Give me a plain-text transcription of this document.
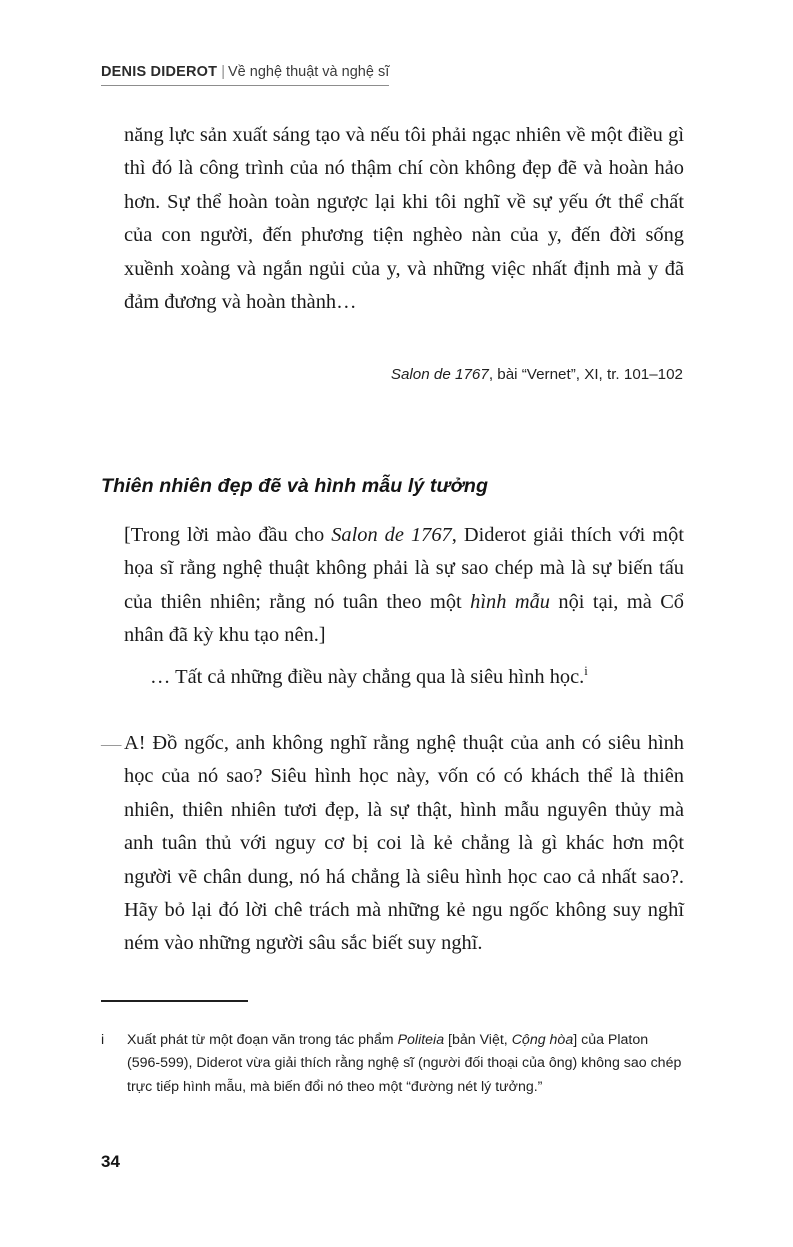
DENIS DIDEROT | Về nghệ thuật và nghệ sĩ

năng lực sản xuất sáng tạo và nếu tôi phải ngạc nhiên về một điều gì thì đó là công trình của nó thậm chí còn không đẹp đẽ và hoàn hảo hơn. Sự thể hoàn toàn ngược lại khi tôi nghĩ về sự yếu ớt thể chất của con người, đến phương tiện nghèo nàn của y, đến đời sống xuềnh xoàng và ngắn ngủi của y, và những việc nhất định mà y đã đảm đương và hoàn thành…

Salon de 1767, bài “Vernet”, XI, tr. 101–102
Thiên nhiên đẹp đẽ và hình mẫu lý tưởng

[Trong lời mào đầu cho Salon de 1767, Diderot giải thích với một họa sĩ rằng nghệ thuật không phải là sự sao chép mà là sự biến tấu của thiên nhiên; rằng nó tuân theo một hình mẫu nội tại, mà Cổ nhân đã kỳ khu tạo nên.]

… Tất cả những điều này chẳng qua là siêu hình học.$^i$

— A! Đồ ngốc, anh không nghĩ rằng nghệ thuật của anh có siêu hình học của nó sao? Siêu hình học này, vốn có có khách thể là thiên nhiên, thiên nhiên tươi đẹp, là sự thật, hình mẫu nguyên thủy mà anh tuân thủ với nguy cơ bị coi là kẻ chẳng là gì khác hơn một người vẽ chân dung, nó há chẳng là siêu hình học cao cả nhất sao?. Hãy bỏ lại đó lời chê trách mà những kẻ ngu ngốc không suy nghĩ ném vào những người sâu sắc biết suy nghĩ.

i	Xuất phát từ một đoạn văn trong tác phẩm Politeia [bản Việt, Cộng hòa] của Platon (596-599), Diderot vừa giải thích rằng nghệ sĩ (người đối thoại của ông) không sao chép trực tiếp hình mẫu, mà biến đổi nó theo một “đường nét lý tưởng.”
34
